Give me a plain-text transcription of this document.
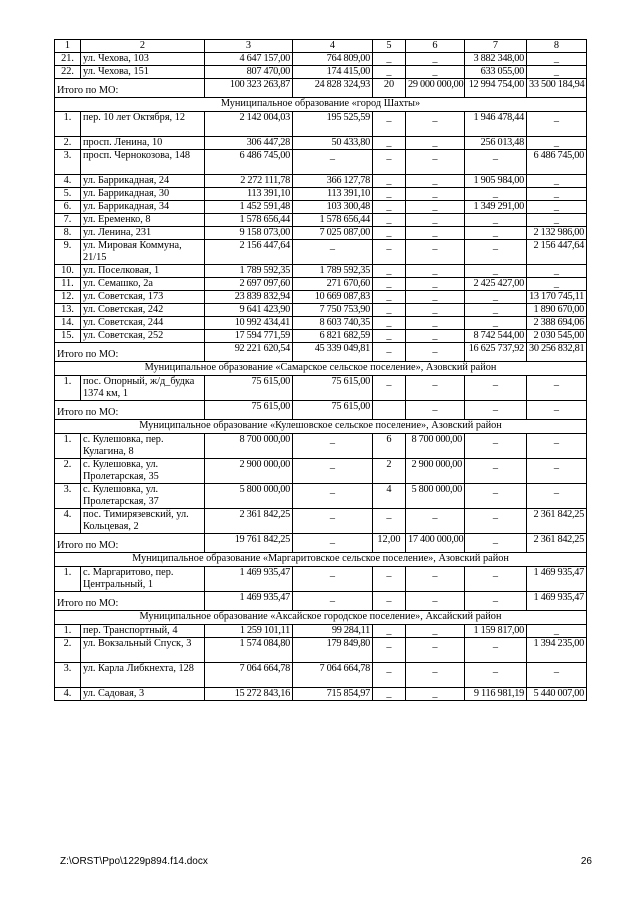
1	2	3	4	5	6	7	8
21.	ул. Чехова, 103	4 647 157,00	764 809,00	_	_	3 882 348,00	_
22.	ул. Чехова, 151	807 470,00	174 415,00	_	_	633 055,00	_
Итого по МО:		100 323 263,87	24 828 324,93	20	29 000 000,00	12 994 754,00	33 500 184,94
Муниципальное образование «город Шахты»							
1.	пер. 10 лет Октября, 12	2 142 004,03	195 525,59	_	_	1 946 478,44	_
2.	просп. Ленина, 10	306 447,28	50 433,80	_	_	256 013,48	_
3.	просп. Чернокозова, 148	6 486 745,00	_	_	_	_	6 486 745,00
4.	ул. Баррикадная, 24	2 272 111,78	366 127,78	_	_	1 905 984,00	_
5.	ул. Баррикадная, 30	113 391,10	113 391,10	_	_	_	_
6.	ул. Баррикадная, 34	1 452 591,48	103 300,48	_	_	1 349 291,00	_
7.	ул. Еременко, 8	1 578 656,44	1 578 656,44	_	_	_	_
8.	ул. Ленина, 231	9 158 073,00	7 025 087,00	_	_	_	2 132 986,00
9.	ул. Мировая Коммуна, 21/15	2 156 447,64	_	_	_	_	2 156 447,64
10.	ул. Поселковая, 1	1 789 592,35	1 789 592,35	_	_	_	_
11.	ул. Семашко, 2а	2 697 097,60	271 670,60	_	_	2 425 427,00	_
12.	ул. Советская, 173	23 839 832,94	10 669 087,83	_	_	_	13 170 745,11
13.	ул. Советская, 242	9 641 423,90	7 750 753,90	_	_	_	1 890 670,00
14.	ул. Советская, 244	10 992 434,41	8 603 740,35	_	_	_	2 388 694,06
15.	ул. Советская, 252	17 594 771,59	6 821 682,59	_	_	8 742 544,00	2 030 545,00
Итого по МО:		92 221 620,54	45 339 049,81	_	_	16 625 737,92	30 256 832,81
Муниципальное образование «Самарское сельское поселение», Азовский район							
1.	пос. Опорный, ж/д_будка 1374 км, 1	75 615,00	75 615,00	_	_	_	_
Итого по МО:		75 615,00	75 615,00		_	_	_
Муниципальное образование «Кулешовское сельское поселение», Азовский район							
1.	с. Кулешовка, пер. Кулагина, 8	8 700 000,00	_	6	8 700 000,00	_	_
2.	с. Кулешовка, ул. Пролетарская, 35	2 900 000,00	_	2	2 900 000,00	_	_
3.	с. Кулешовка, ул. Пролетарская, 37	5 800 000,00	_	4	5 800 000,00	_	_
4.	пос. Тимирязевский, ул. Кольцевая, 2	2 361 842,25	_	_	_	_	2 361 842,25
Итого по МО:		19 761 842,25	_	12,00	17 400 000,00	_	2 361 842,25
Муниципальное образование «Маргаритовское сельское поселение», Азовский район							
1.	с. Маргаритово, пер. Центральный, 1	1 469 935,47	_	_	_	_	1 469 935,47
Итого по МО:		1 469 935,47	_	_	_	_	1 469 935,47
Муниципальное образование «Аксайское городское поселение», Аксайский район							
1.	пер. Транспортный, 4	1 259 101,11	99 284,11	_	_	1 159 817,00	_
2.	ул. Вокзальный Спуск, 3	1 574 084,80	179 849,80	_	_	_	1 394 235,00
3.	ул. Карла Либкнехта, 128	7 064 664,78	7 064 664,78	_	_	_	_
4.	ул. Садовая, 3	15 272 843,16	715 854,97	_	_	9 116 981,19	5 440 007,00
Z:\ORST\Ppo\1229p894.f14.docx	26
